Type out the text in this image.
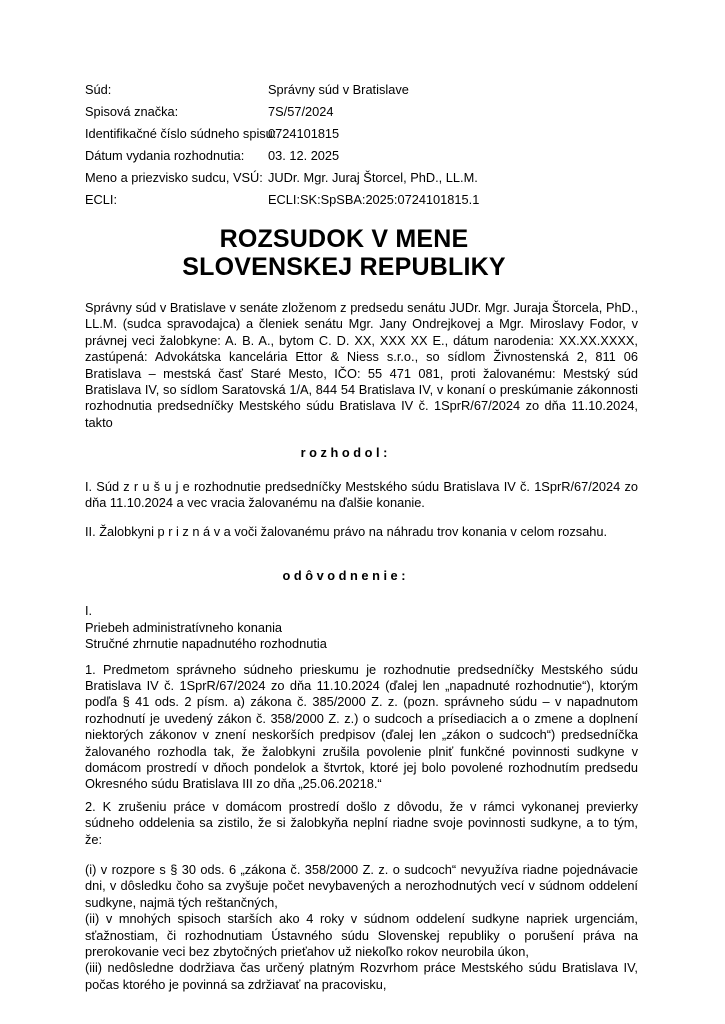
Súd:	Správny súd v Bratislave
Spisová značka:	7S/57/2024
Identifikačné číslo súdneho spisu:0724101815
Dátum vydania rozhodnutia: 03. 12. 2025
Meno a priezvisko sudcu, VSÚ: JUDr. Mgr. Juraj Štorcel, PhD., LL.M.
ECLI:	ECLI:SK:SpSBA:2025:0724101815.1
ROZSUDOK V MENE
SLOVENSKEJ REPUBLIKY

Správny súd v Bratislave v senáte zloženom z predsedu senátu JUDr. Mgr. Juraja Štorcela, PhD., LL.M. (sudca spravodajca) a členiek senátu Mgr. Jany Ondrejkovej a Mgr. Miroslavy Fodor, v právnej veci žalobkyne: A. B. A., bytom C. D. XX, XXX XX E., dátum narodenia: XX.XX.XXXX, zastúpená: Advokátska kancelária Ettor & Niess s.r.o., so sídlom Živnostenská 2, 811 06 Bratislava – mestská časť Staré Mesto, IČO: 55 471 081, proti žalovanému: Mestský súd Bratislava IV, so sídlom Saratovská 1/A, 844 54 Bratislava IV, v konaní o preskúmanie zákonnosti rozhodnutia predsedníčky Mestského súdu Bratislava IV č. 1SprR/67/2024 zo dňa 11.10.2024, takto

r o z h o d o l :

I. Súd z r u š u j e rozhodnutie predsedníčky Mestského súdu Bratislava IV č. 1SprR/67/2024 zo dňa 11.10.2024 a vec vracia žalovanému na ďalšie konanie.

II. Žalobkyni p r i z n á v a voči žalovanému právo na náhradu trov konania v celom rozsahu.

o d ô v o d n e n i e :

I.
Priebeh administratívneho konania
Stručné zhrnutie napadnutého rozhodnutia

1. Predmetom správneho súdneho prieskumu je rozhodnutie predsedníčky Mestského súdu Bratislava IV č. 1SprR/67/2024 zo dňa 11.10.2024 (ďalej len „napadnuté rozhodnutie“), ktorým podľa § 41 ods. 2 písm. a) zákona č. 385/2000 Z. z. (pozn. správneho súdu – v napadnutom rozhodnutí je uvedený zákon č. 358/2000 Z. z.) o sudcoch a prísediacich a o zmene a doplnení niektorých zákonov v znení neskorších predpisov (ďalej len „zákon o sudcoch“) predsedníčka žalovaného rozhodla tak, že žalobkyni zrušila povolenie plniť funkčné povinnosti sudkyne v domácom prostredí v dňoch pondelok a štvrtok, ktoré jej bolo povolené rozhodnutím predsedu Okresného súdu Bratislava III zo dňa „25.06.20218.“

2. K zrušeniu práce v domácom prostredí došlo z dôvodu, že v rámci vykonanej previerky súdneho oddelenia sa zistilo, že si žalobkyňa neplní riadne svoje povinnosti sudkyne, a to tým, že:

(i) v rozpore s § 30 ods. 6 „zákona č. 358/2000 Z. z. o sudcoch“ nevyužíva riadne pojednávacie dni, v dôsledku čoho sa zvyšuje počet nevybavených a nerozhodnutých vecí v súdnom oddelení sudkyne, najmä tých reštančných,

(ii) v mnohých spisoch starších ako 4 roky v súdnom oddelení sudkyne napriek urgenciám, sťažnostiam, či rozhodnutiam Ústavného súdu Slovenskej republiky o porušení práva na prerokovanie veci bez zbytočných prieťahov už niekoľko rokov neurobila úkon,

(iii) nedôsledne dodržiava čas určený platným Rozvrhom práce Mestského súdu Bratislava IV, počas ktorého je povinná sa zdržiavať na pracovisku,
